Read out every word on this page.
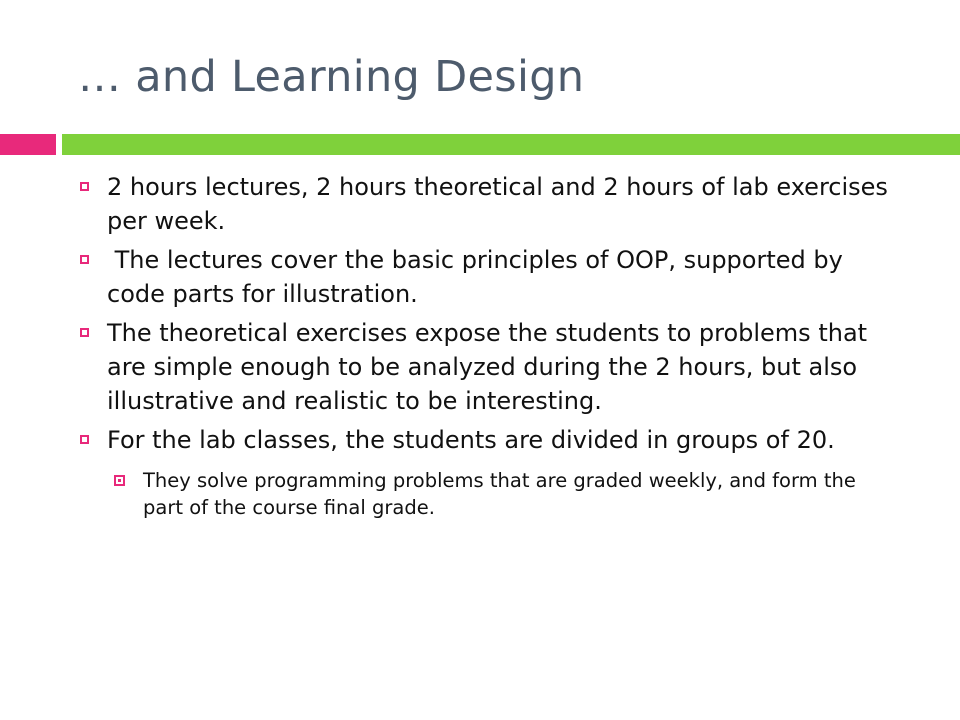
… and Learning Design
2 hours lectures, 2 hours theoretical and 2 hours of lab exercises per week.
The lectures cover the basic principles of OOP, supported by code parts for illustration.
The theoretical exercises expose the students to problems that are simple enough to be analyzed during the 2 hours, but also illustrative and realistic to be interesting.
For the lab classes, the students are divided in groups of 20.
They solve programming problems that are graded weekly, and form the part of the course final grade.
